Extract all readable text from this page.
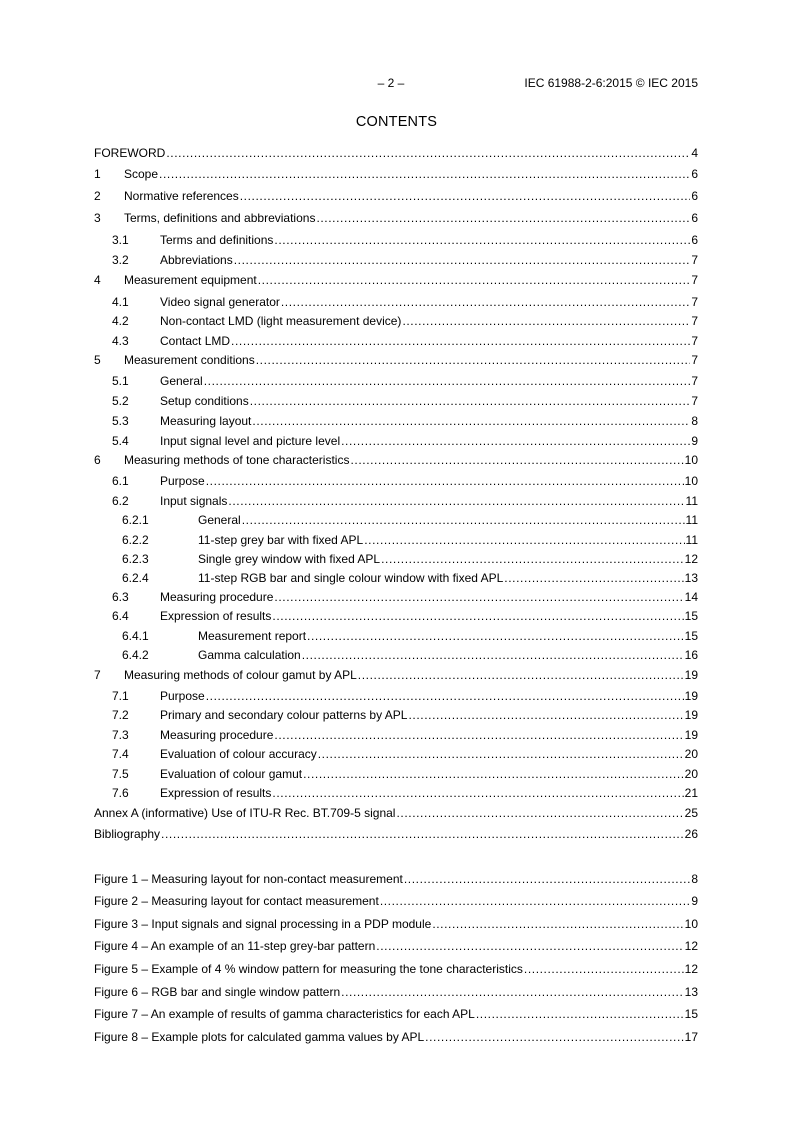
– 2 –	IEC 61988-2-6:2015 © IEC 2015
CONTENTS
FOREWORD .....	4
1	Scope .....	6
2	Normative references .....	6
3	Terms, definitions and abbreviations .....	6
3.1	Terms and definitions .....	6
3.2	Abbreviations .....	7
4	Measurement equipment .....	7
4.1	Video signal generator .....	7
4.2	Non-contact LMD (light measurement device) .....	7
4.3	Contact LMD .....	7
5	Measurement conditions .....	7
5.1	General .....	7
5.2	Setup conditions .....	7
5.3	Measuring layout .....	8
5.4	Input signal level and picture level .....	9
6	Measuring methods of tone characteristics .....	10
6.1	Purpose .....	10
6.2	Input signals .....	11
6.2.1	General .....	11
6.2.2	11-step grey bar with fixed APL .....	11
6.2.3	Single grey window with fixed APL .....	12
6.2.4	11-step RGB bar and single colour window with fixed APL .....	13
6.3	Measuring procedure .....	14
6.4	Expression of results .....	15
6.4.1	Measurement report .....	15
6.4.2	Gamma calculation .....	16
7	Measuring methods of colour gamut by APL .....	19
7.1	Purpose .....	19
7.2	Primary and secondary colour patterns by APL .....	19
7.3	Measuring procedure .....	19
7.4	Evaluation of colour accuracy .....	20
7.5	Evaluation of colour gamut .....	20
7.6	Expression of results .....	21
Annex A (informative) Use of ITU-R Rec. BT.709-5 signal .....	25
Bibliography .....	26
Figure 1 – Measuring layout for non-contact measurement .....	8
Figure 2 – Measuring layout for contact measurement .....	9
Figure 3 – Input signals and signal processing in a PDP module .....	10
Figure 4 – An example of an 11-step grey-bar pattern .....	12
Figure 5 – Example of 4 % window pattern for measuring the tone characteristics .....	12
Figure 6 – RGB bar and single window pattern .....	13
Figure 7 – An example of results of gamma characteristics for each APL .....	15
Figure 8 – Example plots for calculated gamma values by APL .....	17
